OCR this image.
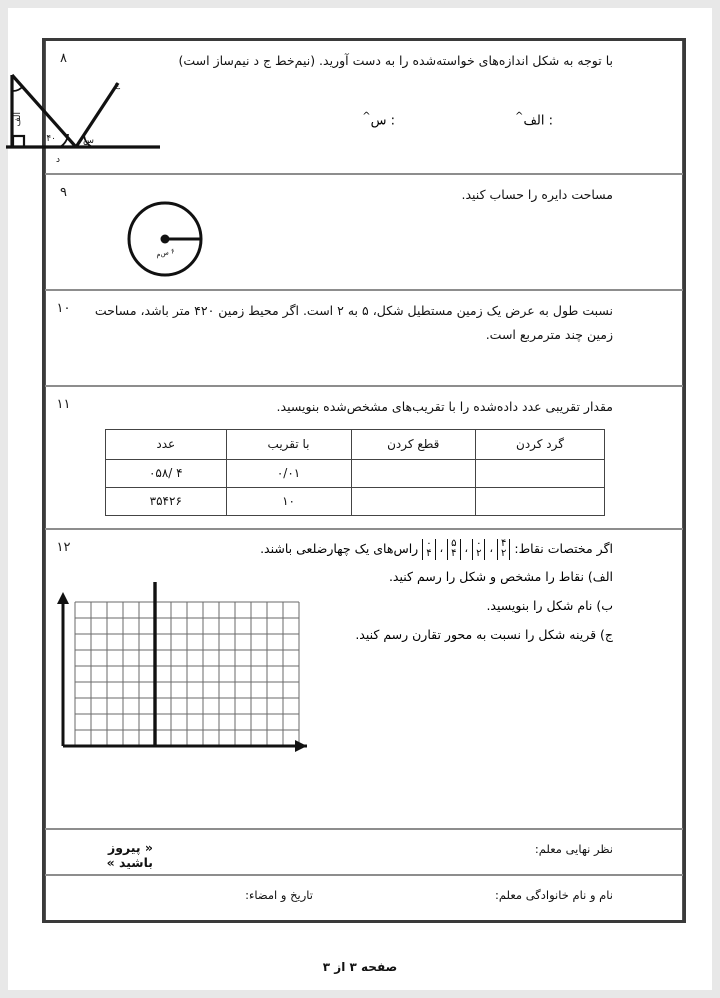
با توجه به شکل اندازه‌های خواسته‌شده را به دست آورید. (نیم‌خط ج د نیم‌ساز است)
الف
ج
س
۴۰
د
: الف^
: س^
۸
مساحت دایره را حساب کنید.
۶ س‌م
۹
نسبت طول به عرض یک زمین مستطیل شکل، ۵ به ۲ است. اگر محیط زمین ۴۲۰ متر باشد، مساحت زمین چند مترمربع است.
۱۰
مقدار تقریبی عدد داده‌شده را با تقریب‌های مشخص‌شده بنویسید.
گرد کردن	قطع کردن	با تقریب	عدد
		۰/۰۱	۴ /۰۵۸
		۱۰	۳۵۴۲۶
۱۱
اگر مختصات نقاط:
۰
۴ ، ۵
۴ ، ۰
۲ ، ۴
۲
راس‌های یک چهارضلعی باشند.
الف) نقاط را مشخص و شکل را رسم کنید.
ب) نام شکل را بنویسید.
ج) قرینه شکل را نسبت به محور تقارن رسم کنید.
۱۲
نظر نهایی معلم:
« پیروز باشید »
نام و نام خانوادگی معلم:
تاریخ و امضاء:
صفحه ۳ از ۳
